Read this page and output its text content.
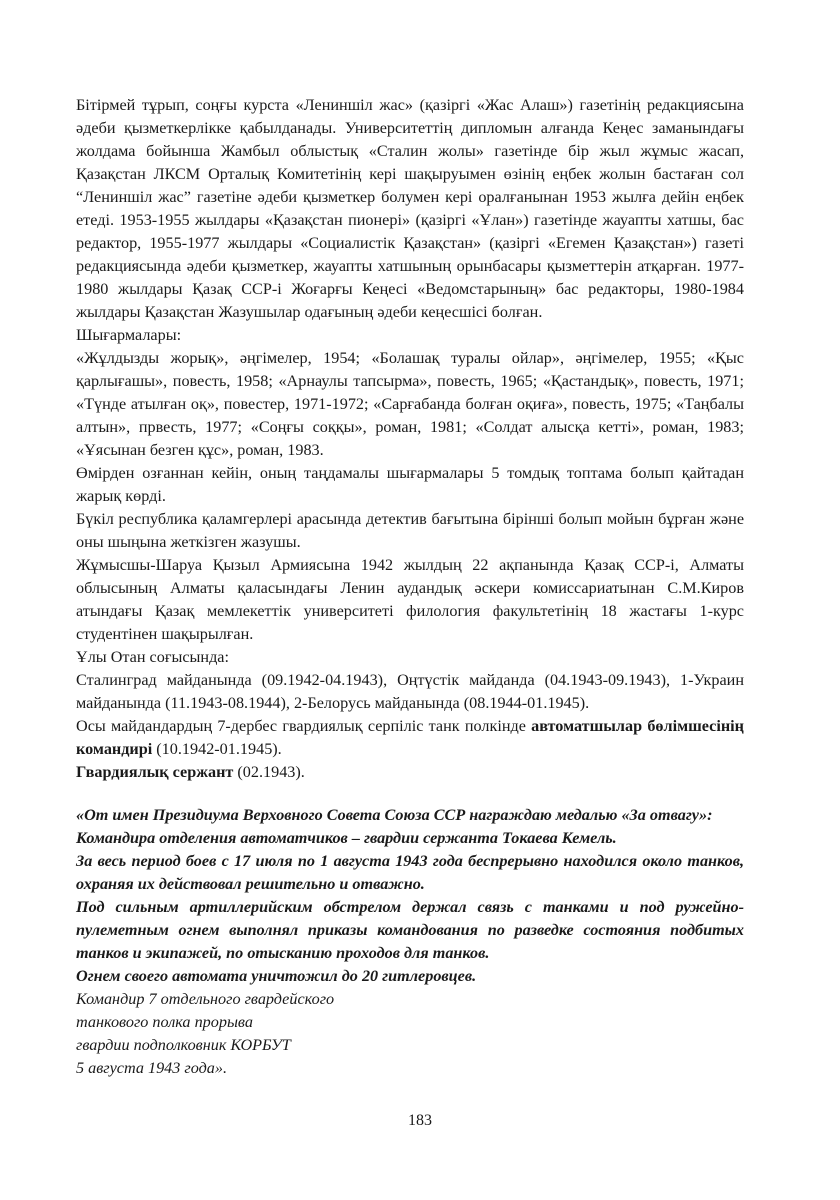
Бітірмей тұрып, соңғы курста «Лениншіл жас» (қазіргі «Жас Алаш») газетінің редакциясына әдеби қызметкерлікке қабылданады. Университеттің дипломын алғанда Кеңес заманындағы жолдама бойынша Жамбыл облыстық «Сталин жолы» газетінде бір жыл жұмыс жасап, Қазақстан ЛКСМ Орталық Комитетінің кері шақыруымен өзінің еңбек жолын бастаған сол “Лениншіл жас” газетіне әдеби қызметкер болумен кері оралғанынан 1953 жылға дейін еңбек етеді. 1953-1955 жылдары «Қазақстан пионері» (қазіргі «Ұлан») газетінде жауапты хатшы, бас редактор, 1955-1977 жылдары «Социалистік Қазақстан» (қазіргі «Егемен Қазақстан») газеті редакциясында әдеби қызметкер, жауапты хатшының орынбасары қызметтерін атқарған. 1977-1980 жылдары Қазақ ССР-і Жоғарғы Кеңесі «Ведомстарының» бас редакторы, 1980-1984 жылдары Қазақстан Жазушылар одағының әдеби кеңесшісі болған.

Шығармалары:

«Жұлдызды жорық», әңгімелер, 1954; «Болашақ туралы ойлар», әңгімелер, 1955; «Қыс қарлығашы», повесть, 1958; «Арнаулы тапсырма», повесть, 1965; «Қастандық», повесть, 1971; «Түнде атылған оқ», повестер, 1971-1972; «Сарғабанда болған оқиға», повесть, 1975; «Таңбалы алтын», првесть, 1977; «Соңғы соққы», роман, 1981; «Солдат алысқа кетті», роман, 1983; «Ұясынан безген құс», роман, 1983.

Өмірден озғаннан кейін, оның таңдамалы шығармалары 5 томдық топтама болып қайтадан жарық көрді.

Бүкіл республика қаламгерлері арасында детектив бағытына бірінші болып мойын бұрған және оны шыңына жеткізген жазушы.

Жұмысшы-Шаруа Қызыл Армиясына 1942 жылдың 22 ақпанында Қазақ ССР-і, Алматы облысының Алматы қаласындағы Ленин аудандық әскери комиссариатынан С.М.Киров атындағы Қазақ мемлекеттік университеті филология факультетінің 18 жастағы 1-курс студентінен шақырылған.

Ұлы Отан соғысында:

Сталинград майданында (09.1942-04.1943), Оңтүстік майданда (04.1943-09.1943), 1-Украин майданында (11.1943-08.1944), 2-Белорусь майданында (08.1944-01.1945).

Осы майдандардың 7-дербес гвардиялық серпіліс танк полкінде автоматшылар бөлімшесінің командирі (10.1942-01.1945).

Гвардиялық сержант (02.1943).

«От имен Президиума Верховного Совета Союза ССР награждаю медалью «За отвагу»:

Командира отделения автоматчиков – гвардии сержанта Токаева Кемель.

За весь период боев с 17 июля по 1 августа 1943 года беспрерывно находился около танков, охраняя их действовал решительно и отважно.

Под сильным артиллерийским обстрелом держал связь с танками и под ружейно-пулеметным огнем выполнял приказы командования по разведке состояния подбитых танков и экипажей, по отысканию проходов для танков.

Огнем своего автомата уничтожил до 20 гитлеровцев.

Командир 7 отдельного гвардейского

танкового полка прорыва

гвардии подполковник КОРБУТ

5 августа 1943 года».

183
